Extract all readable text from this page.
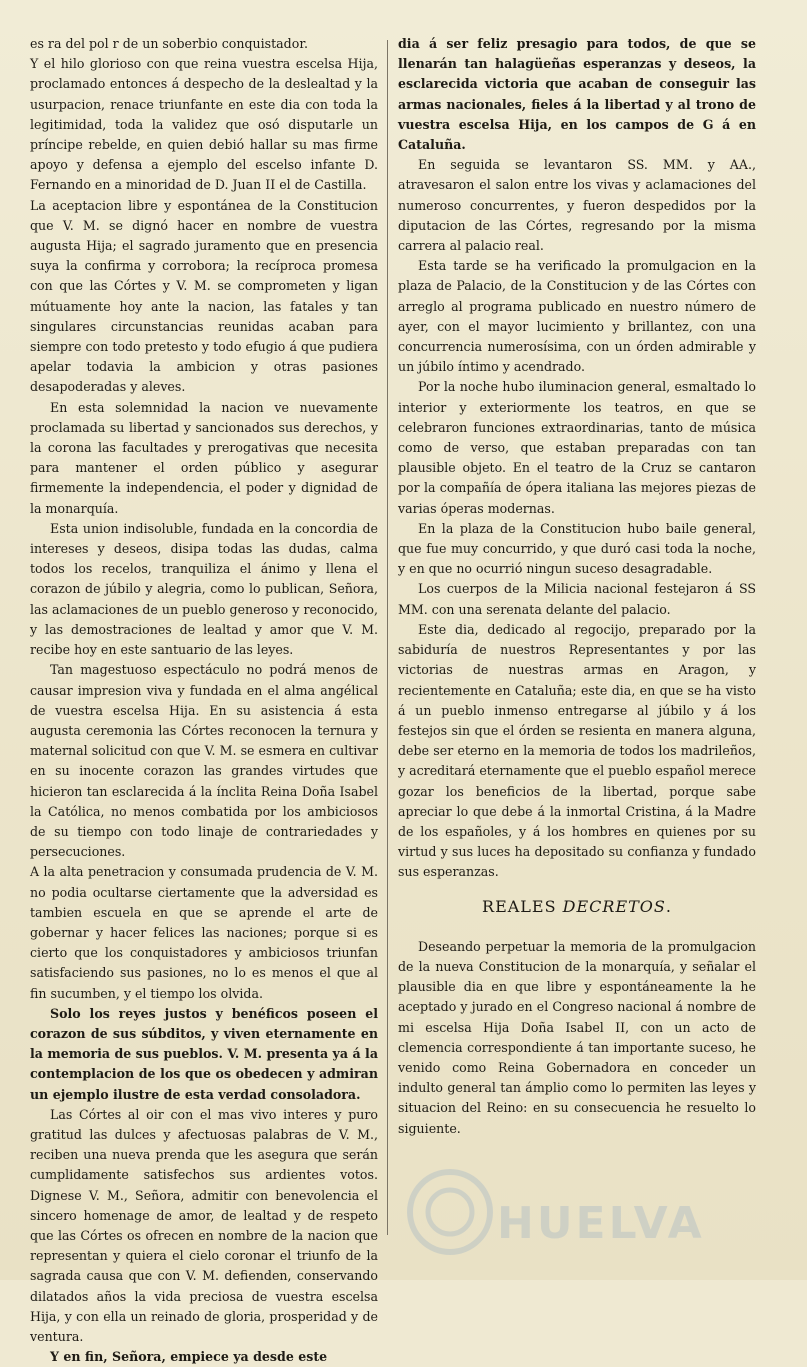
es ra del pol r de un soberbio conquistador.

Y el hilo glorioso con que reina vuestra escelsa Hija, proclamado entonces á despecho de la deslealtad y la usurpacion, renace triunfante en este dia con toda la legitimidad, toda la validez que osó disputarle un príncipe rebelde, en quien debió hallar su mas firme apoyo y defensa a ejemplo del escelso infante D. Fernando en a minoridad de D. Juan II el de Castilla.

La aceptacion libre y espontánea de la Constitucion que V. M. se dignó hacer en nombre de vuestra augusta Hija; el sagrado juramento que en presencia suya la confirma y corrobora; la recíproca promesa con que las Córtes y V. M. se comprometen y ligan mútuamente hoy ante la nacion, las fatales y tan singulares circunstancias reunidas acaban para siempre con todo pretesto y todo efugio á que pudiera apelar todavia la ambicion y otras pasiones desapoderadas y aleves.

En esta solemnidad la nacion ve nuevamente proclamada su libertad y sancionados sus derechos, y la corona las facultades y prerogativas que necesita para mantener el orden público y asegurar firmemente la independencia, el poder y dignidad de la monarquía.

Esta union indisoluble, fundada en la concordia de intereses y deseos, disipa todas las dudas, calma todos los recelos, tranquiliza el ánimo y llena el corazon de júbilo y alegria, como lo publican, Señora, las aclamaciones de un pueblo generoso y reconocido, y las demostraciones de lealtad y amor que V. M. recibe hoy en este santuario de las leyes.

Tan magestuoso espectáculo no podrá menos de causar impresion viva y fundada en el alma angélical de vuestra escelsa Hija. En su asistencia á esta augusta ceremonia las Córtes reconocen la ternura y maternal solicitud con que V. M. se esmera en cultivar en su inocente corazon las grandes virtudes que hicieron tan esclarecida á la ínclita Reina Doña Isabel la Católica, no menos combatida por los ambiciosos de su tiempo con todo linaje de contrariedades y persecuciones.

A la alta penetracion y consumada prudencia de V. M. no podia ocultarse ciertamente que la adversidad es tambien escuela en que se aprende el arte de gobernar y hacer felices las naciones; porque si es cierto que los conquistadores y ambiciosos triunfan satisfaciendo sus pasiones, no lo es menos el que al fin sucumben, y el tiempo los olvida.

Solo los reyes justos y benéficos poseen el corazon de sus súbditos, y viven eternamente en la memoria de sus pueblos. V. M. presenta ya á la contemplacion de los que os obedecen y admiran un ejemplo ilustre de esta verdad consoladora.

Las Córtes al oir con el mas vivo interes y puro gratitud las dulces y afectuosas palabras de V. M., reciben una nueva prenda que les asegura que serán cumplidamente satisfechos sus ardientes votos. Dignese V. M., Señora, admitir con benevolencia el sincero homenage de amor, de lealtad y de respeto que las Córtes os ofrecen en nombre de la nacion que representan y quiera el cielo coronar el triunfo de la sagrada causa que con V. M. defienden, conservando dilatados años la vida preciosa de vuestra escelsa Hija, y con ella un reinado de gloria, prosperidad y de ventura.

Y en fin, Señora, empiece ya desde este

dia á ser feliz presagio para todos, de que se llenarán tan halagüeñas esperanzas y deseos, la esclarecida victoria que acaban de conseguir las armas nacionales, fieles á la libertad y al trono de vuestra escelsa Hija, en los campos de G á en Cataluña.

En seguida se levantaron SS. MM. y AA., atravesaron el salon entre los vivas y aclamaciones del numeroso concurrentes, y fueron despedidos por la diputacion de las Córtes, regresando por la misma carrera al palacio real.

Esta tarde se ha verificado la promulgacion en la plaza de Palacio, de la Constitucion y de las Córtes con arreglo al programa publicado en nuestro número de ayer, con el mayor lucimiento y brillantez, con una concurrencia numerosísima, con un órden admirable y un júbilo íntimo y acendrado.

Por la noche hubo iluminacion general, esmaltado lo interior y exteriormente los teatros, en que se celebraron funciones extraordinarias, tanto de música como de verso, que estaban preparadas con tan plausible objeto. En el teatro de la Cruz se cantaron por la compañía de ópera italiana las mejores piezas de varias óperas modernas.

En la plaza de la Constitucion hubo baile general, que fue muy concurrido, y que duró casi toda la noche, y en que no ocurrió ningun suceso desagradable.

Los cuerpos de la Milicia nacional festejaron á SS MM. con una serenata delante del palacio.

Este dia, dedicado al regocijo, preparado por la sabiduría de nuestros Representantes y por las victorias de nuestras armas en Aragon, y recientemente en Cataluña; este dia, en que se ha visto á un pueblo inmenso entregarse al júbilo y á los festejos sin que el órden se resienta en manera alguna, debe ser eterno en la memoria de todos los madrileños, y acreditará eternamente que el pueblo español merece gozar los beneficios de la libertad, porque sabe apreciar lo que debe á la inmortal Cristina, á la Madre de los españoles, y á los hombres en quienes por su virtud y sus luces ha depositado su confianza y fundado sus esperanzas.

REALES DECRETOS.

Deseando perpetuar la memoria de la promulgacion de la nueva Constitucion de la monarquía, y señalar el plausible dia en que libre y espontáneamente la he aceptado y jurado en el Congreso nacional á nombre de mi escelsa Hija Doña Isabel II, con un acto de clemencia correspondiente á tan importante suceso, he venido como Reina Gobernadora en conceder un indulto general tan ámplio como lo permiten las leyes y situacion del Reino: en su consecuencia he resuelto lo siguiente.

HUELVA
